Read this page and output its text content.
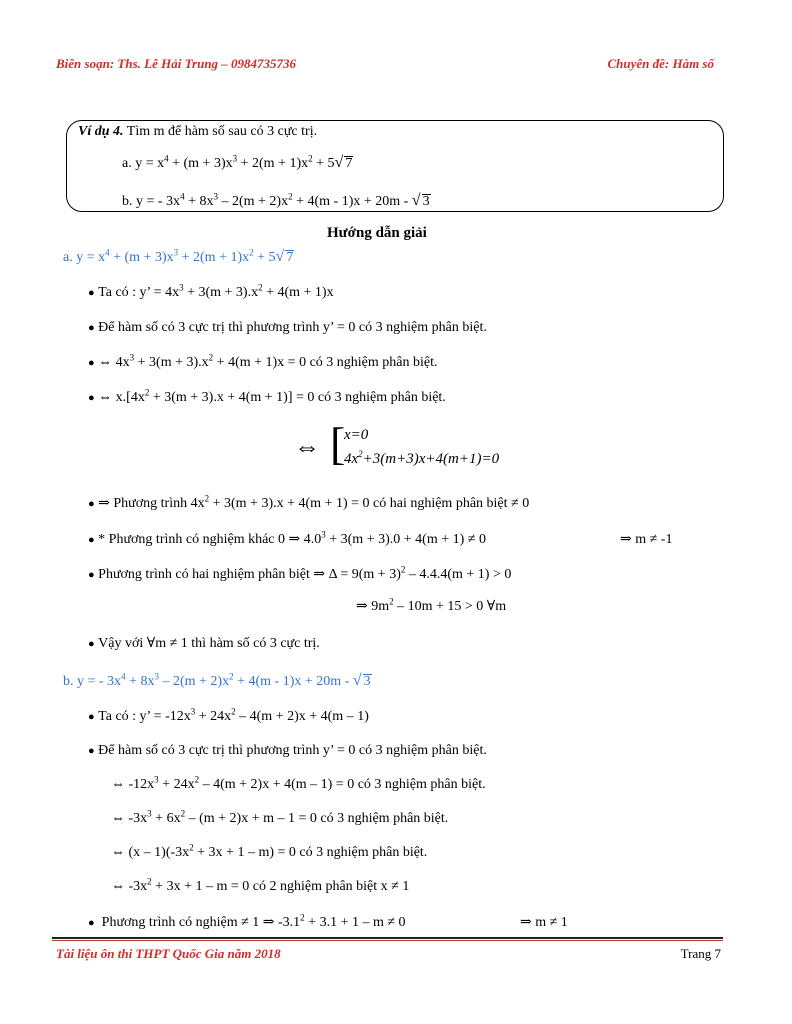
Biên soạn: Ths. Lê Hải Trung – 0984735736	Chuyên đề: Hàm số
Ví dụ 4. Tìm m để hàm số sau có 3 cực trị.
a. $y = x^4 + (m + 3)x^3 + 2(m + 1)x^2 + 5√$ 7
b. y = - $3x^4 + 8x^3 - 2(m + 2)x^2 + 4(m - 1)x + 20m$ - √ 3
Hướng dẫn giải
a. $y = x^4 + (m + 3)x^3 + 2(m + 1)x^2 + 5√$ 7
● Ta có : y’ = $4x^3 + 3(m + 3).x^2 + 4(m + 1)x$
● Để hàm số có 3 cực trị thì phương trình y’ = 0 có 3 nghiệm phân biệt.
● ⇔ $4x^3 + 3(m + 3).x^2 + 4(m + 1)x = 0$ có 3 nghiệm phân biệt.
● ⇔ $x.[4x^2 + 3(m + 3).x + 4(m + 1)] = 0$ có 3 nghiệm phân biệt.
⇔ [
x=0
$4x^2+3(m+3)x+4(m+1)=0$
● ⇒ Phương trình $4x^2 + 3(m + 3).x + 4(m + 1) = 0$ có hai nghiệm phân biệt ≠ 0
● * Phương trình có nghiệm khác 0 ⇒ $4.0^3 + 3(m + 3).0 + 4(m + 1) \ne 0$	⇒ m ≠ -1
● Phương trình có hai nghiệm phân biệt ⇒ $\Delta = 9(m + 3)^2 - 4.4.4(m + 1) > 0$
⇒ $9m^2 - 10m + 15 > 0$ ∀m
● Vậy với ∀m ≠ 1 thì hàm số có 3 cực trị.
b. y = - $3x^4 + 8x^3 - 2(m + 2)x^2 + 4(m - 1)x + 20m$ - √ 3
● Ta có : y’ = $-12x^3 + 24x^2 - 4(m + 2)x + 4(m - 1)$
● Để hàm số có 3 cực trị thì phương trình y’ = 0 có 3 nghiệm phân biệt.
⇔ $-12x^3 + 24x^2 - 4(m + 2)x + 4(m - 1) = 0$ có 3 nghiệm phân biệt.
⇔ $-3x^3 + 6x^2 - (m + 2)x + m - 1 = 0$ có 3 nghiệm phân biệt.
⇔ $(x - 1)(-3x^2 + 3x + 1 - m) = 0$ có 3 nghiệm phân biệt.
⇔ $-3x^2 + 3x + 1 - m = 0$ có 2 nghiệm phân biệt x ≠ 1
● Phương trình có nghiệm ≠ 1 ⇒ $-3.1^2 + 3.1 + 1 - m \ne 0$	⇒ m ≠ 1
Tài liệu ôn thi THPT Quốc Gia năm 2018	Trang 7
